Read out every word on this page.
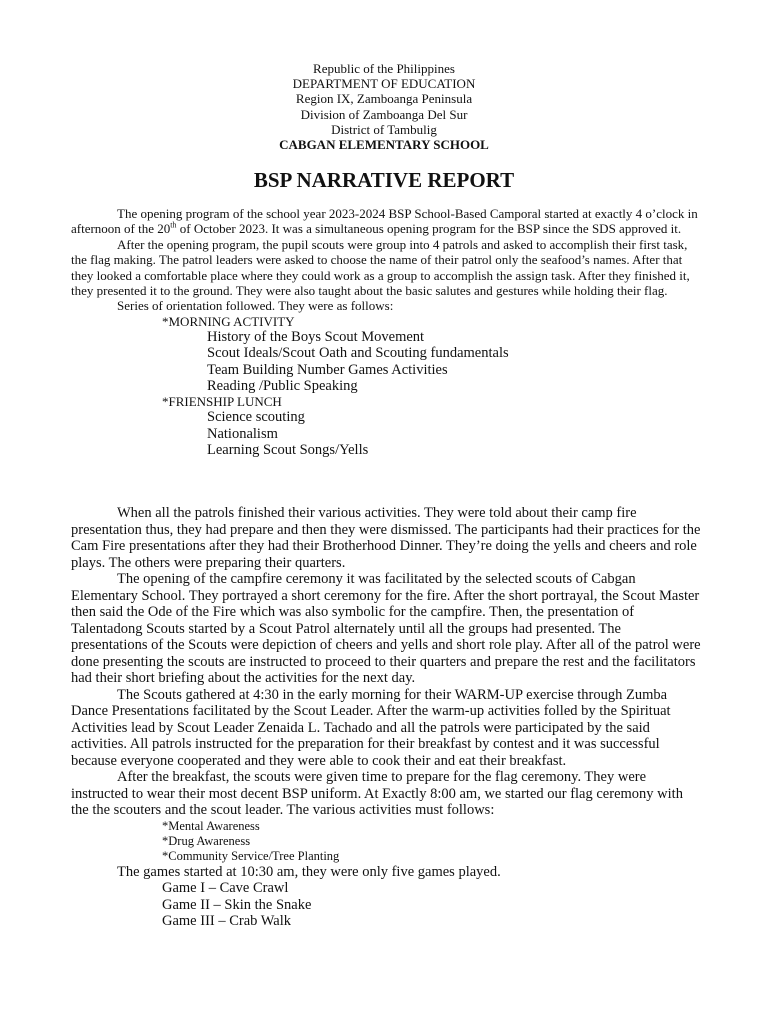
Republic of the Philippines
DEPARTMENT OF EDUCATION
Region IX, Zamboanga Peninsula
Division of Zamboanga Del Sur
District of Tambulig
CABGAN ELEMENTARY SCHOOL
BSP NARRATIVE REPORT

The opening program of the school year 2023-2024 BSP School-Based Camporal started at exactly 4 o’clock in afternoon of the 20th of October 2023. It was a simultaneous opening program for the BSP since the SDS approved it.

After the opening program, the pupil scouts were group into 4 patrols and asked to accomplish their first task, the flag making. The patrol leaders were asked to choose the name of their patrol only the seafood’s names. After that they looked a comfortable place where they could work as a group to accomplish the assign task. After they finished it, they presented it to the ground. They were also taught about the basic salutes and gestures while holding their flag.

Series of orientation followed. They were as follows:

*MORNING ACTIVITY

History of the Boys Scout Movement

Scout Ideals/Scout Oath and Scouting fundamentals

Team Building Number Games Activities

Reading /Public Speaking

*FRIENSHIP LUNCH

Science scouting

Nationalism

Learning Scout Songs/Yells

When all the patrols finished their various activities. They were told about their camp fire presentation thus, they had prepare and then they were dismissed. The participants had their practices for the Cam Fire presentations after they had their Brotherhood Dinner. They’re doing the yells and cheers and role plays. The others were preparing their quarters.

The opening of the campfire ceremony it was facilitated by the selected scouts of Cabgan Elementary School. They portrayed a short ceremony for the fire. After the short portrayal, the Scout Master then said the Ode of the Fire which was also symbolic for the campfire. Then, the presentation of Talentadong Scouts started by a Scout Patrol alternately until all the groups had presented. The presentations of the Scouts were depiction of cheers and yells and short role play. After all of the patrol were done presenting the scouts are instructed to proceed to their quarters and prepare the rest and the facilitators had their short briefing about the activities for the next day.

The Scouts gathered at 4:30 in the early morning for their WARM-UP exercise through Zumba Dance Presentations facilitated by the Scout Leader. After the warm-up activities folled by the Spirituat Activities lead by Scout Leader Zenaida L. Tachado and all the patrols were participated by the said activities. All patrols instructed for the preparation for their breakfast by contest and it was successful because everyone cooperated and they were able to cook their and eat their breakfast.

After the breakfast, the scouts were given time to prepare for the flag ceremony. They were instructed to wear their most decent BSP uniform. At Exactly 8:00 am, we started our flag ceremony with the the scouters and the scout leader. The various activities must follows:

*Mental Awareness

*Drug Awareness

*Community Service/Tree Planting

The games started at 10:30 am, they were only five games played.

Game I – Cave Crawl

Game II – Skin the Snake

Game III – Crab Walk
